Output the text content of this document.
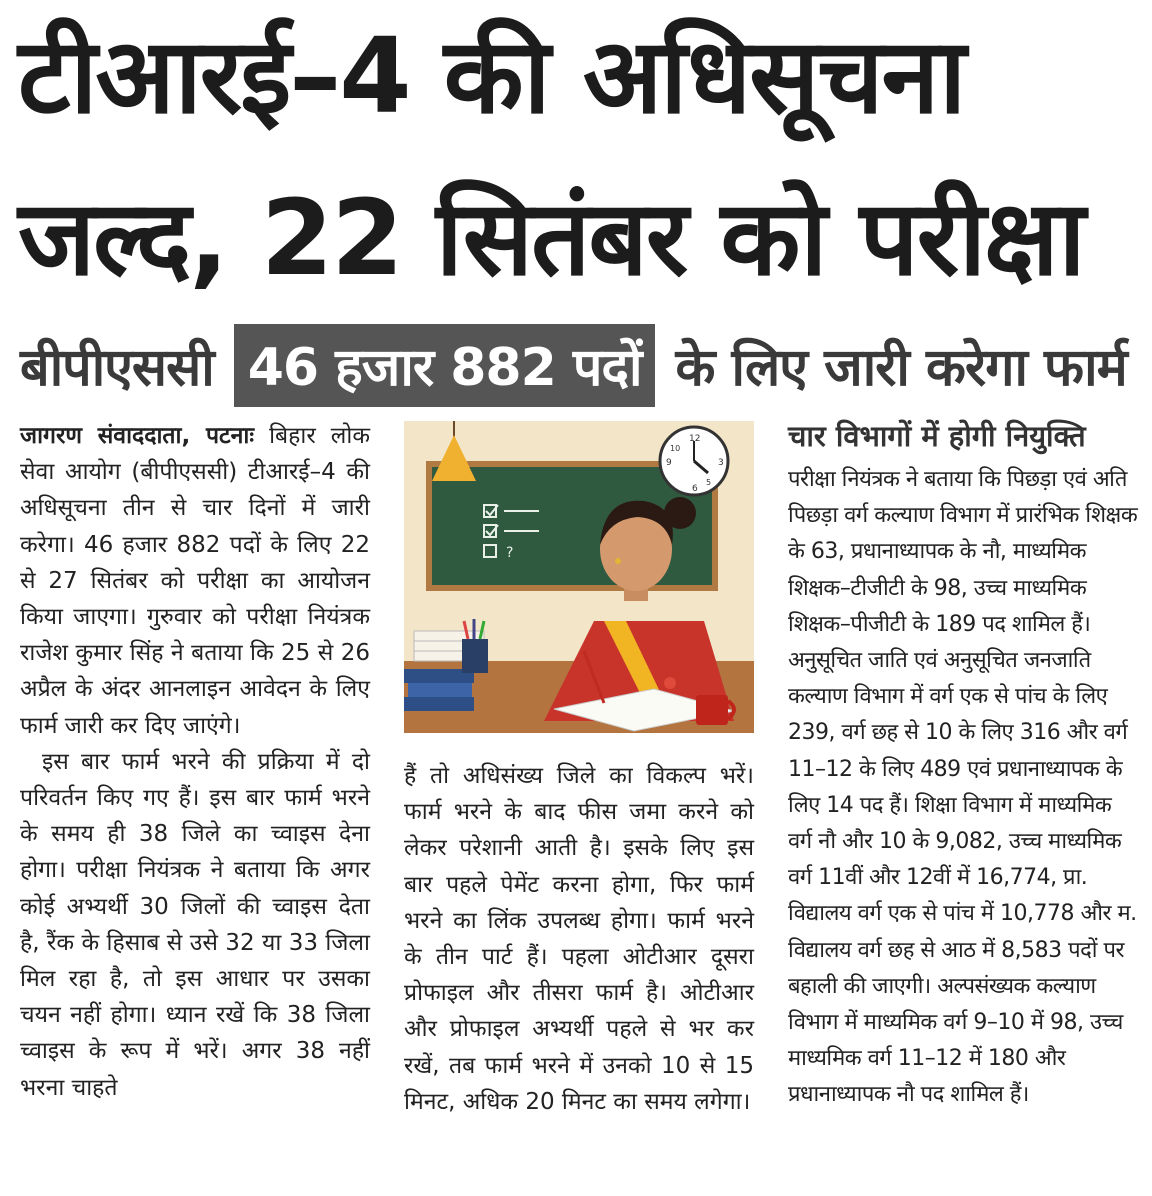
टीआरई–4 की अधिसूचना
जल्द, 22 सितंबर को परीक्षा
बीपीएससी 46 हजार 882 पदों के लिए जारी करेगा फार्म

जागरण संवाददाता, पटनाः बिहार लोक सेवा आयोग (बीपीएससी) टीआरई–4 की अधिसूचना तीन से चार दिनों में जारी करेगा। 46 हजार 882 पदों के लिए 22 से 27 सितंबर को परीक्षा का आयोजन किया जाएगा। गुरुवार को परीक्षा नियंत्रक राजेश कुमार सिंह ने बताया कि 25 से 26 अप्रैल के अंदर आनलाइन आवेदन के लिए फार्म जारी कर दिए जाएंगे।

इस बार फार्म भरने की प्रक्रिया में दो परिवर्तन किए गए हैं। इस बार फार्म भरने के समय ही 38 जिले का च्वाइस देना होगा। परीक्षा नियंत्रक ने बताया कि अगर कोई अभ्यर्थी 30 जिलों की च्वाइस देता है, रैंक के हिसाब से उसे 32 या 33 जिला मिल रहा है, तो इस आधार पर उसका चयन नहीं होगा। ध्यान रखें कि 38 जिला च्वाइस के रूप में भरें। अगर 38 नहीं भरना चाहते

?
12
3
6
9
10
5

हैं तो अधिसंख्य जिले का विकल्प भरें। फार्म भरने के बाद फीस जमा करने को लेकर परेशानी आती है। इसके लिए इस बार पहले पेमेंट करना होगा, फिर फार्म भरने का लिंक उपलब्ध होगा। फार्म भरने के तीन पार्ट हैं। पहला ओटीआर दूसरा प्रोफाइल और तीसरा फार्म है। ओटीआर और प्रोफाइल अभ्यर्थी पहले से भर कर रखें, तब फार्म भरने में उनको 10 से 15 मिनट, अधिक 20 मिनट का समय लगेगा।

चार विभागों में होगी नियुक्ति

परीक्षा नियंत्रक ने बताया कि पिछड़ा एवं अति पिछड़ा वर्ग कल्याण विभाग में प्रारंभिक शिक्षक के 63, प्रधानाध्यापक के नौ, माध्यमिक शिक्षक–टीजीटी के 98, उच्च माध्यमिक शिक्षक–पीजीटी के 189 पद शामिल हैं। अनुसूचित जाति एवं अनुसूचित जनजाति कल्याण विभाग में वर्ग एक से पांच के लिए 239, वर्ग छह से 10 के लिए 316 और वर्ग 11–12 के लिए 489 एवं प्रधानाध्यापक के लिए 14 पद हैं। शिक्षा विभाग में माध्यमिक वर्ग नौ और 10 के 9,082, उच्च माध्यमिक वर्ग 11वीं और 12वीं में 16,774, प्रा. विद्यालय वर्ग एक से पांच में 10,778 और म. विद्यालय वर्ग छह से आठ में 8,583 पदों पर बहाली की जाएगी। अल्पसंख्यक कल्याण विभाग में माध्यमिक वर्ग 9–10 में 98, उच्च माध्यमिक वर्ग 11–12 में 180 और प्रधानाध्यापक नौ पद शामिल हैं।
